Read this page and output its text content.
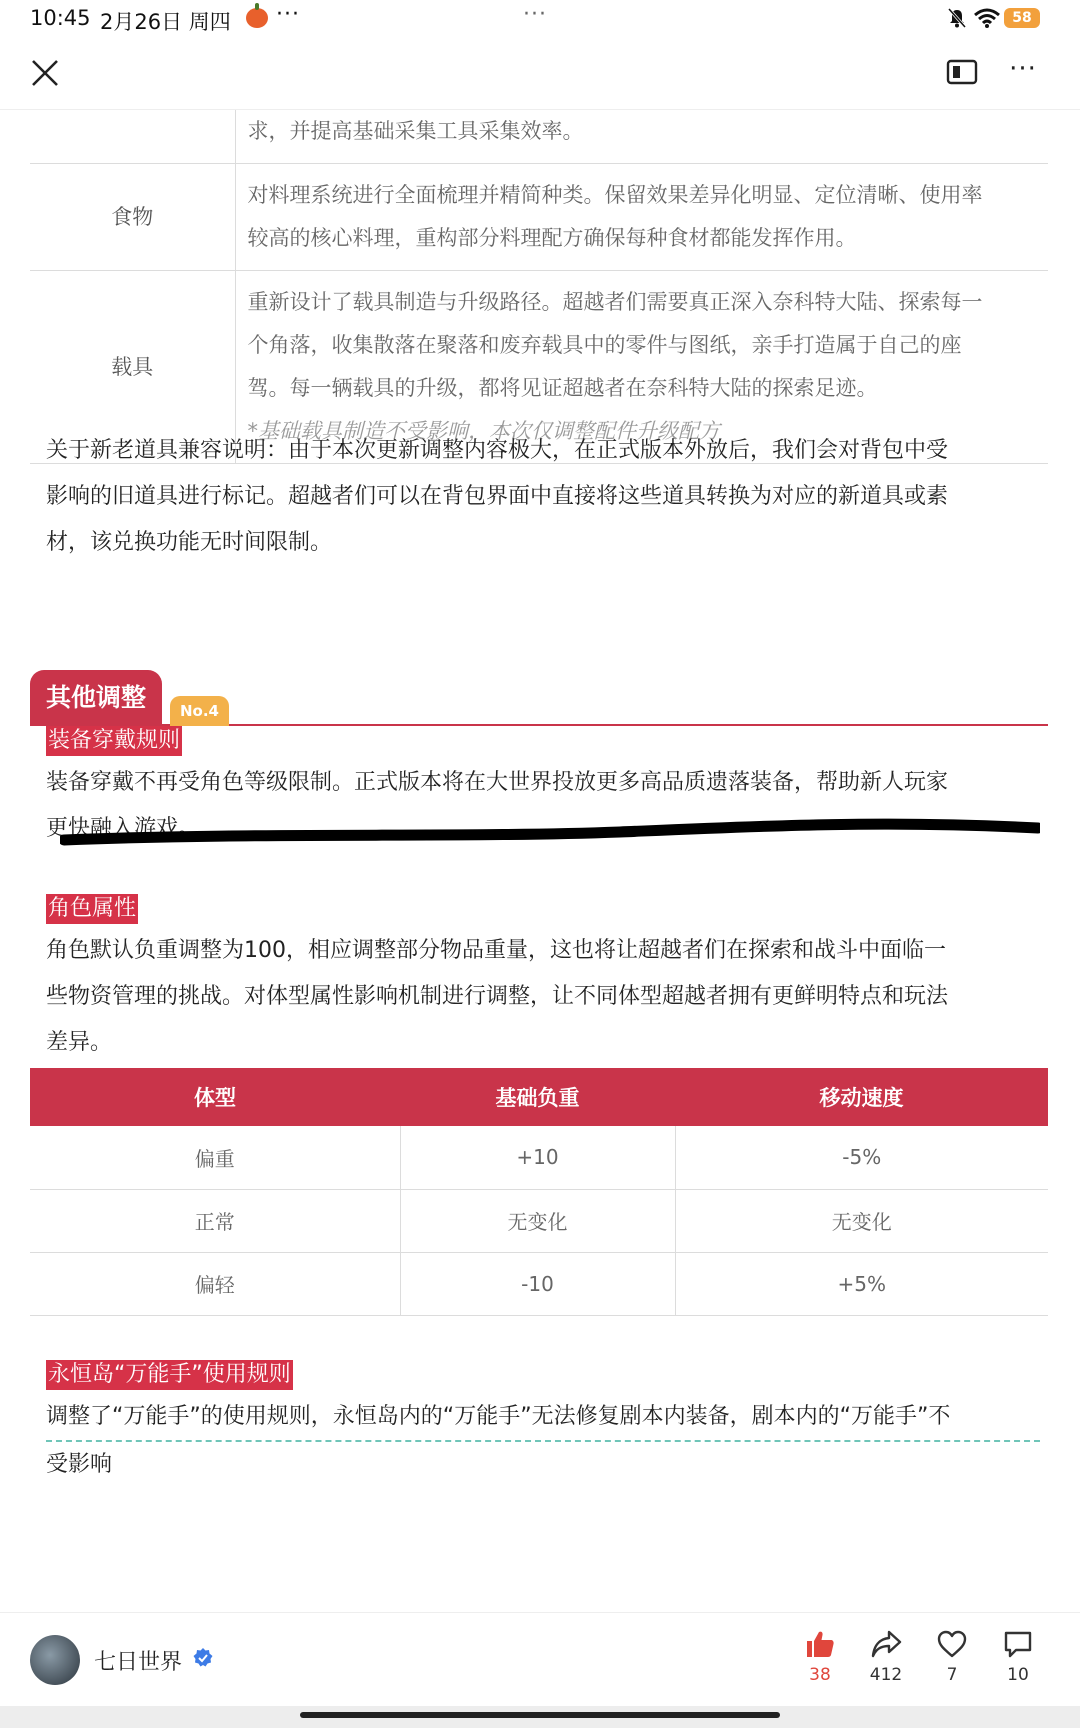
10:45 2月26日 周四 ···	···	58
···
	求，并提高基础采集工具采集效率。
食物	对料理系统进行全面梳理并精简种类。保留效果差异化明显、定位清晰、使用率
较高的核心料理，重构部分料理配方确保每种食材都能发挥作用。

载具	重新设计了载具制造与升级路径。超越者们需要真正深入奈科特大陆、探索每一
个角落，收集散落在聚落和废弃载具中的零件与图纸，亲手打造属于自己的座
驾。每一辆载具的升级，都将见证超越者在奈科特大陆的探索足迹。
*基础载具制造不受影响，本次仅调整配件升级配方
关于新老道具兼容说明：由于本次更新调整内容极大，在正式版本外放后，我们会对背包中受
影响的旧道具进行标记。超越者们可以在背包界面中直接将这些道具转换为对应的新道具或素
材，该兑换功能无时间限制。
其他调整	No.4
装备穿戴规则
装备穿戴不再受角色等级限制。正式版本将在大世界投放更多高品质遗落装备，帮助新人玩家
更快融入游戏。
角色属性
角色默认负重调整为100，相应调整部分物品重量，这也将让超越者们在探索和战斗中面临一
些物资管理的挑战。对体型属性影响机制进行调整，让不同体型超越者拥有更鲜明特点和玩法
差异。
体型	基础负重	移动速度
偏重	+10	-5%
正常	无变化	无变化
偏轻	-10	+5%
永恒岛“万能手”使用规则
调整了“万能手”的使用规则，永恒岛内的“万能手”无法修复剧本内装备，剧本内的“万能手”不
受影响
七日世界	38	412	7	10
